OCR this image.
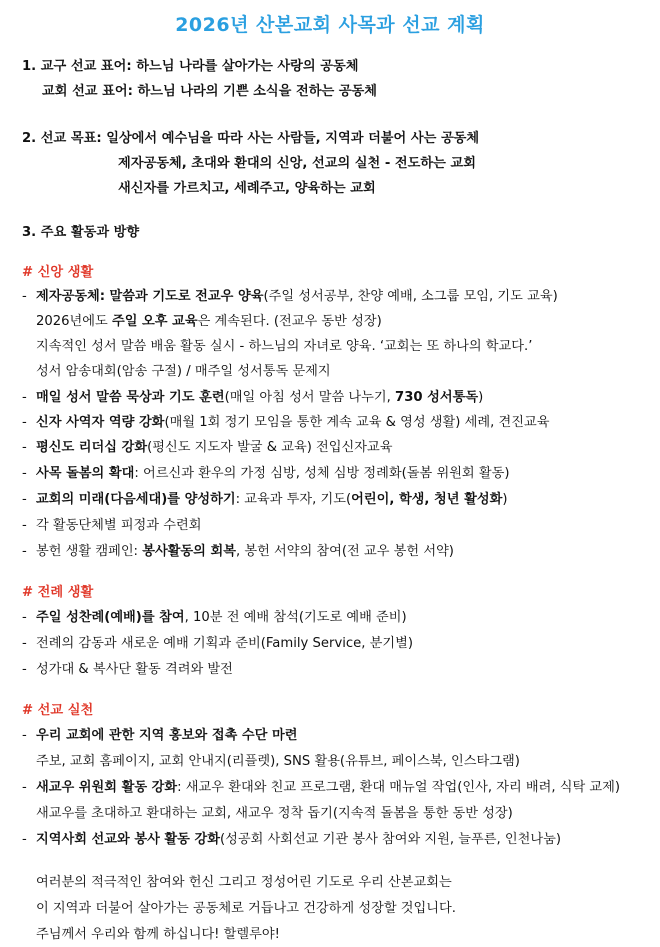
2026년 산본교회 사목과 선교 계획
1. 교구 선교 표어: 하느님 나라를 살아가는 사랑의 공동체
교회 선교 표어: 하느님 나라의 기쁜 소식을 전하는 공동체
2. 선교 목표: 일상에서 예수님을 따라 사는 사람들, 지역과 더불어 사는 공동체
제자공동체, 초대와 환대의 신앙, 선교의 실천 - 전도하는 교회
새신자를 가르치고, 세례주고, 양육하는 교회
3. 주요 활동과 방향
# 신앙 생활
- 제자공동체: 말씀과 기도로 전교우 양육(주일 성서공부, 찬양 예배, 소그룹 모임, 기도 교육)
2026년에도 주일 오후 교육은 계속된다. (전교우 동반 성장)
지속적인 성서 말씀 배움 활동 실시 - 하느님의 자녀로 양육. ‘교회는 또 하나의 학교다.’
성서 암송대회(암송 구절) / 매주일 성서통독 문제지
- 매일 성서 말씀 묵상과 기도 훈련(매일 아침 성서 말씀 나누기, 730 성서통독)
- 신자 사역자 역량 강화(매월 1회 정기 모임을 통한 계속 교육 & 영성 생활) 세례, 견진교육
- 평신도 리더십 강화(평신도 지도자 발굴 & 교육) 전입신자교육
- 사목 돌봄의 확대: 어르신과 환우의 가정 심방, 성체 심방 정례화(돌봄 위원회 활동)
- 교회의 미래(다음세대)를 양성하기: 교육과 투자, 기도(어린이, 학생, 청년 활성화)
- 각 활동단체별 피정과 수련회
- 봉헌 생활 캠페인: 봉사활동의 회복, 봉헌 서약의 참여(전 교우 봉헌 서약)
# 전례 생활
- 주일 성찬례(예배)를 참여, 10분 전 예배 참석(기도로 예배 준비)
- 전례의 감동과 새로운 예배 기획과 준비(Family Service, 분기별)
- 성가대 & 복사단 활동 격려와 발전
# 선교 실천
- 우리 교회에 관한 지역 홍보와 접촉 수단 마련
주보, 교회 홈페이지, 교회 안내지(리플렛), SNS 활용(유튜브, 페이스북, 인스타그램)
- 새교우 위원회 활동 강화: 새교우 환대와 친교 프로그램, 환대 매뉴얼 작업(인사, 자리 배려, 식탁 교제)
새교우를 초대하고 환대하는 교회, 새교우 정착 돕기(지속적 돌봄을 통한 동반 성장)
- 지역사회 선교와 봉사 활동 강화(성공회 사회선교 기관 봉사 참여와 지원, 늘푸른, 인천나눔)
여러분의 적극적인 참여와 헌신 그리고 정성어린 기도로 우리 산본교회는
이 지역과 더불어 살아가는 공동체로 거듭나고 건강하게 성장할 것입니다.
주님께서 우리와 함께 하십니다! 할렐루야!
